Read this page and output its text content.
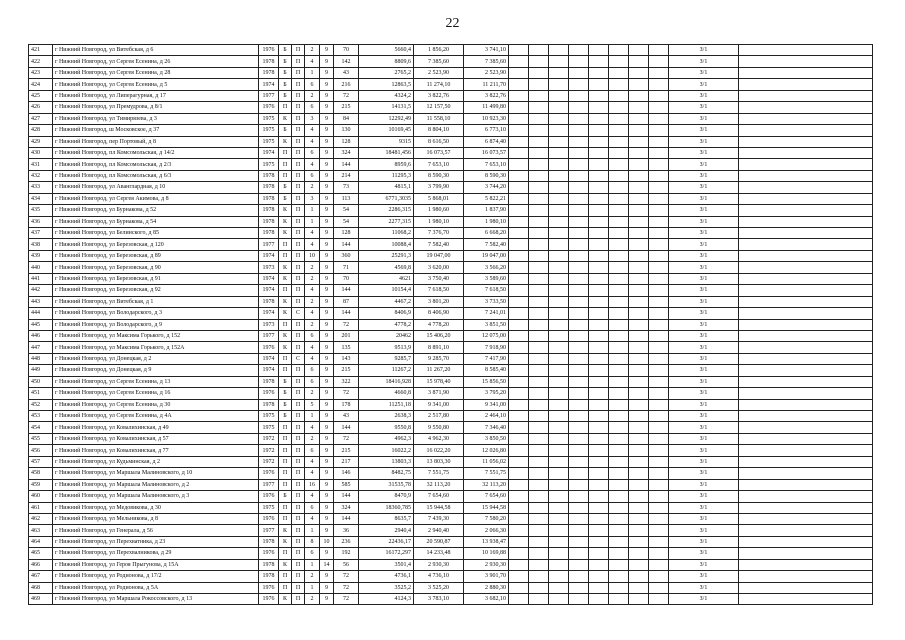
22
421	г Нижний Новгород, ул Витебская, д 6	1976	Б	П	2	9	70	5660,4	1 856,20	3 741,10									З/1	
422	г Нижний Новгород, ул Сергея Есенина, д 26	1978	Б	П	4	9	142	8809,6	7 385,60	7 385,60									З/1	
423	г Нижний Новгород, ул Сергея Есенина, д 28	1978	Б	П	1	9	43	2765,2	2 523,90	2 523,90									З/1	
424	г Нижний Новгород, ул Сергея Есенина, д 5	1974	Б	П	6	9	216	12863,5	11 274,10	11 211,70									З/1	
425	г Нижний Новгород, ул Липерагурная, д 17	1977	Б	П	2	9	72	4324,2	3 822,76	3 822,76									З/1	
426	г Нижний Новгород, ул Премудрова, д 8/1	1976	П	П	6	9	215	14131,5	12 157,50	11 499,80									З/1	
427	г Нижний Новгород, ул Тимирязева, д 3	1975	К	П	3	9	84	12292,49	11 558,10	10 923,30									З/1	
428	г Нижний Новгород, ш Московское, д 37	1975	Б	П	4	9	130	10169,45	8 804,10	6 773,10									З/1	
429	г Нижний Новгород, пер Портовый, д 8	1975	К	П	4	9	128	9315	8 616,50	6 874,40									З/1	
430	г Нижний Новгород, пл Комсомольская, д 14/2	1974	П	П	6	9	324	18481,456	16 073,57	16 073,57									З/1	
431	г Нижний Новгород, пл Комсомольская, д 2/3	1975	П	П	4	9	144	8959,6	7 653,10	7 653,10									З/1	
432	г Нижний Новгород, пл Комсомольская, д 6/3	1978	П	П	6	9	214	11295,3	8 590,30	8 590,30									З/1	
433	г Нижний Новгород, ул Аванглардная, д 10	1978	Б	П	2	9	73	4815,1	3 799,90	3 744,20									З/1	
434	г Нижний Новгород, ул Сергея Акимова, д 8	1978	Б	П	3	9	113	6771,3035	5 868,01	5 822,21									З/1	
435	г Нижний Новгород, ул Бурнакова, д 52	1978	К	П	1	9	54	2286,315	1 980,60	1 837,90									З/1	
436	г Нижний Новгород, ул Бурнакова, д 54	1978	К	П	1	9	54	2277,315	1 980,10	1 980,10									З/1	
437	г Нижний Новгород, ул Белинского, д 85	1978	К	П	4	9	128	11068,2	7 376,70	6 668,20									З/1	
438	г Нижний Новгород, ул Березовская, д 120	1977	П	П	4	9	144	10088,4	7 582,40	7 582,40									З/1	
439	г Нижний Новгород, ул Березовская, д 89	1974	П	П	10	9	360	25291,3	19 047,00	19 047,00									З/1	
440	г Нижний Новгород, ул Березовская, д 90	1973	К	П	2	9	71	4569,8	3 620,00	3 566,20									З/1	
441	г Нижний Новгород, ул Березовская, д 91	1974	К	П	2	9	70	4621	3 750,40	3 589,60									З/1	
442	г Нижний Новгород, ул Березовская, д 92	1974	П	П	4	9	144	10154,4	7 618,50	7 618,50									З/1	
443	г Нижний Новгород, ул Витебская, д 1	1978	К	П	2	9	87	4467,2	3 801,20	3 733,50									З/1	
444	г Нижний Новгород, ул Володарского, д 3	1974	К	С	4	9	144	8406,9	8 406,90	7 241,01									З/1	
445	г Нижний Новгород, ул Володарского, д 9	1973	П	П	2	9	72	4778,2	4 778,20	3 851,50									З/1	
446	г Нижний Новгород, ул Максима Горького, д 152	1977	К	П	6	9	201	20462	15 406,20	12 075,00									З/1	
447	г Нижний Новгород, ул Максима Горького, д 152А	1976	К	П	4	9	135	9513,9	8 891,10	7 918,90									З/1	
448	г Нижний Новгород, ул Донецкая, д 2	1974	П	С	4	9	143	9285,7	9 285,70	7 417,90									З/1	
449	г Нижний Новгород, ул Донецкая, д 9	1974	П	П	6	9	215	11267,2	11 267,20	8 585,40									З/1	
450	г Нижний Новгород, ул Сергея Есенина, д 13	1978	Б	П	6	9	322	18416,928	15 978,40	15 856,50									З/1	
451	г Нижний Новгород, ул Сергея Есенина, д 16	1976	Б	П	2	9	72	4660,8	3 871,90	3 795,20									З/1	
452	г Нижний Новгород, ул Сергея Есенина, д 30	1978	Б	П	5	9	178	11251,18	9 341,00	9 341,00									З/1	
453	г Нижний Новгород, ул Сергея Есенина, д 4А	1975	Б	П	1	9	43	2638,3	2 517,80	2 464,10									З/1	
454	г Нижний Новгород, ул Ковалихинская, д 49	1975	П	П	4	9	144	9550,8	9 550,80	7 346,40									З/1	
455	г Нижний Новгород, ул Ковалихинская, д 57	1972	П	П	2	9	72	4962,3	4 962,30	3 850,50									З/1	
456	г Нижний Новгород, ул Ковалихинская, д 77	1972	П	П	6	9	215	16022,2	16 022,20	12 026,80									З/1	
457	г Нижний Новгород, ул Кудьминская, д 2	1972	П	П	4	9	217	13803,3	13 803,30	11 056,02									З/1	
458	г Нижний Новгород, ул Маршала Малиновского, д 10	1976	П	П	4	9	146	8482,75	7 551,75	7 551,75									З/1	
459	г Нижний Новгород, ул Маршала Малиновского, д 2	1977	П	П	16	9	585	31535,78	32 113,20	32 113,20									З/1	
460	г Нижний Новгород, ул Маршала Малиновского, д 3	1976	Б	П	4	9	144	8470,9	7 654,60	7 654,60									З/1	
461	г Нижний Новгород, ул Медовикова, д 30	1975	П	П	6	9	324	18360,785	15 944,58	15 944,58									З/1	
462	г Нижний Новгород, ул Мельникова, д 8	1976	П	П	4	9	144	8635,7	7 439,30	7 580,20									З/1	
463	г Нижний Новгород, ул Генерала, д 56	1977	К	П	1	9	36	2940,4	2 940,40	2 066,30									З/1	
464	г Нижний Новгород, ул Перехватника, д 23	1978	К	П	8	10	236	22436,17	20 590,87	13 938,47									З/1	
465	г Нижний Новгород, ул Перехвалникова, д 29	1976	П	П	6	9	192	16172,297	14 233,48	10 169,88									З/1	
466	г Нижний Новгород, ул Героя Прыгунова, д 15А	1978	К	П	1	14	56	3501,4	2 930,30	2 930,30									З/1	
467	г Нижний Новгород, ул Родионова, д 17/2	1978	П	П	2	9	72	4736,1	4 736,10	3 901,70									З/1	
468	г Нижний Новгород, ул Родионова, д 5А	1976	П	П	1	9	72	3525,2	3 525,20	2 880,30									З/1	
469	г Нижний Новгород, ул Маршала Рокоссовского, д 13	1976	К	П	2	9	72	4124,3	3 783,10	3 682,10									З/1	
